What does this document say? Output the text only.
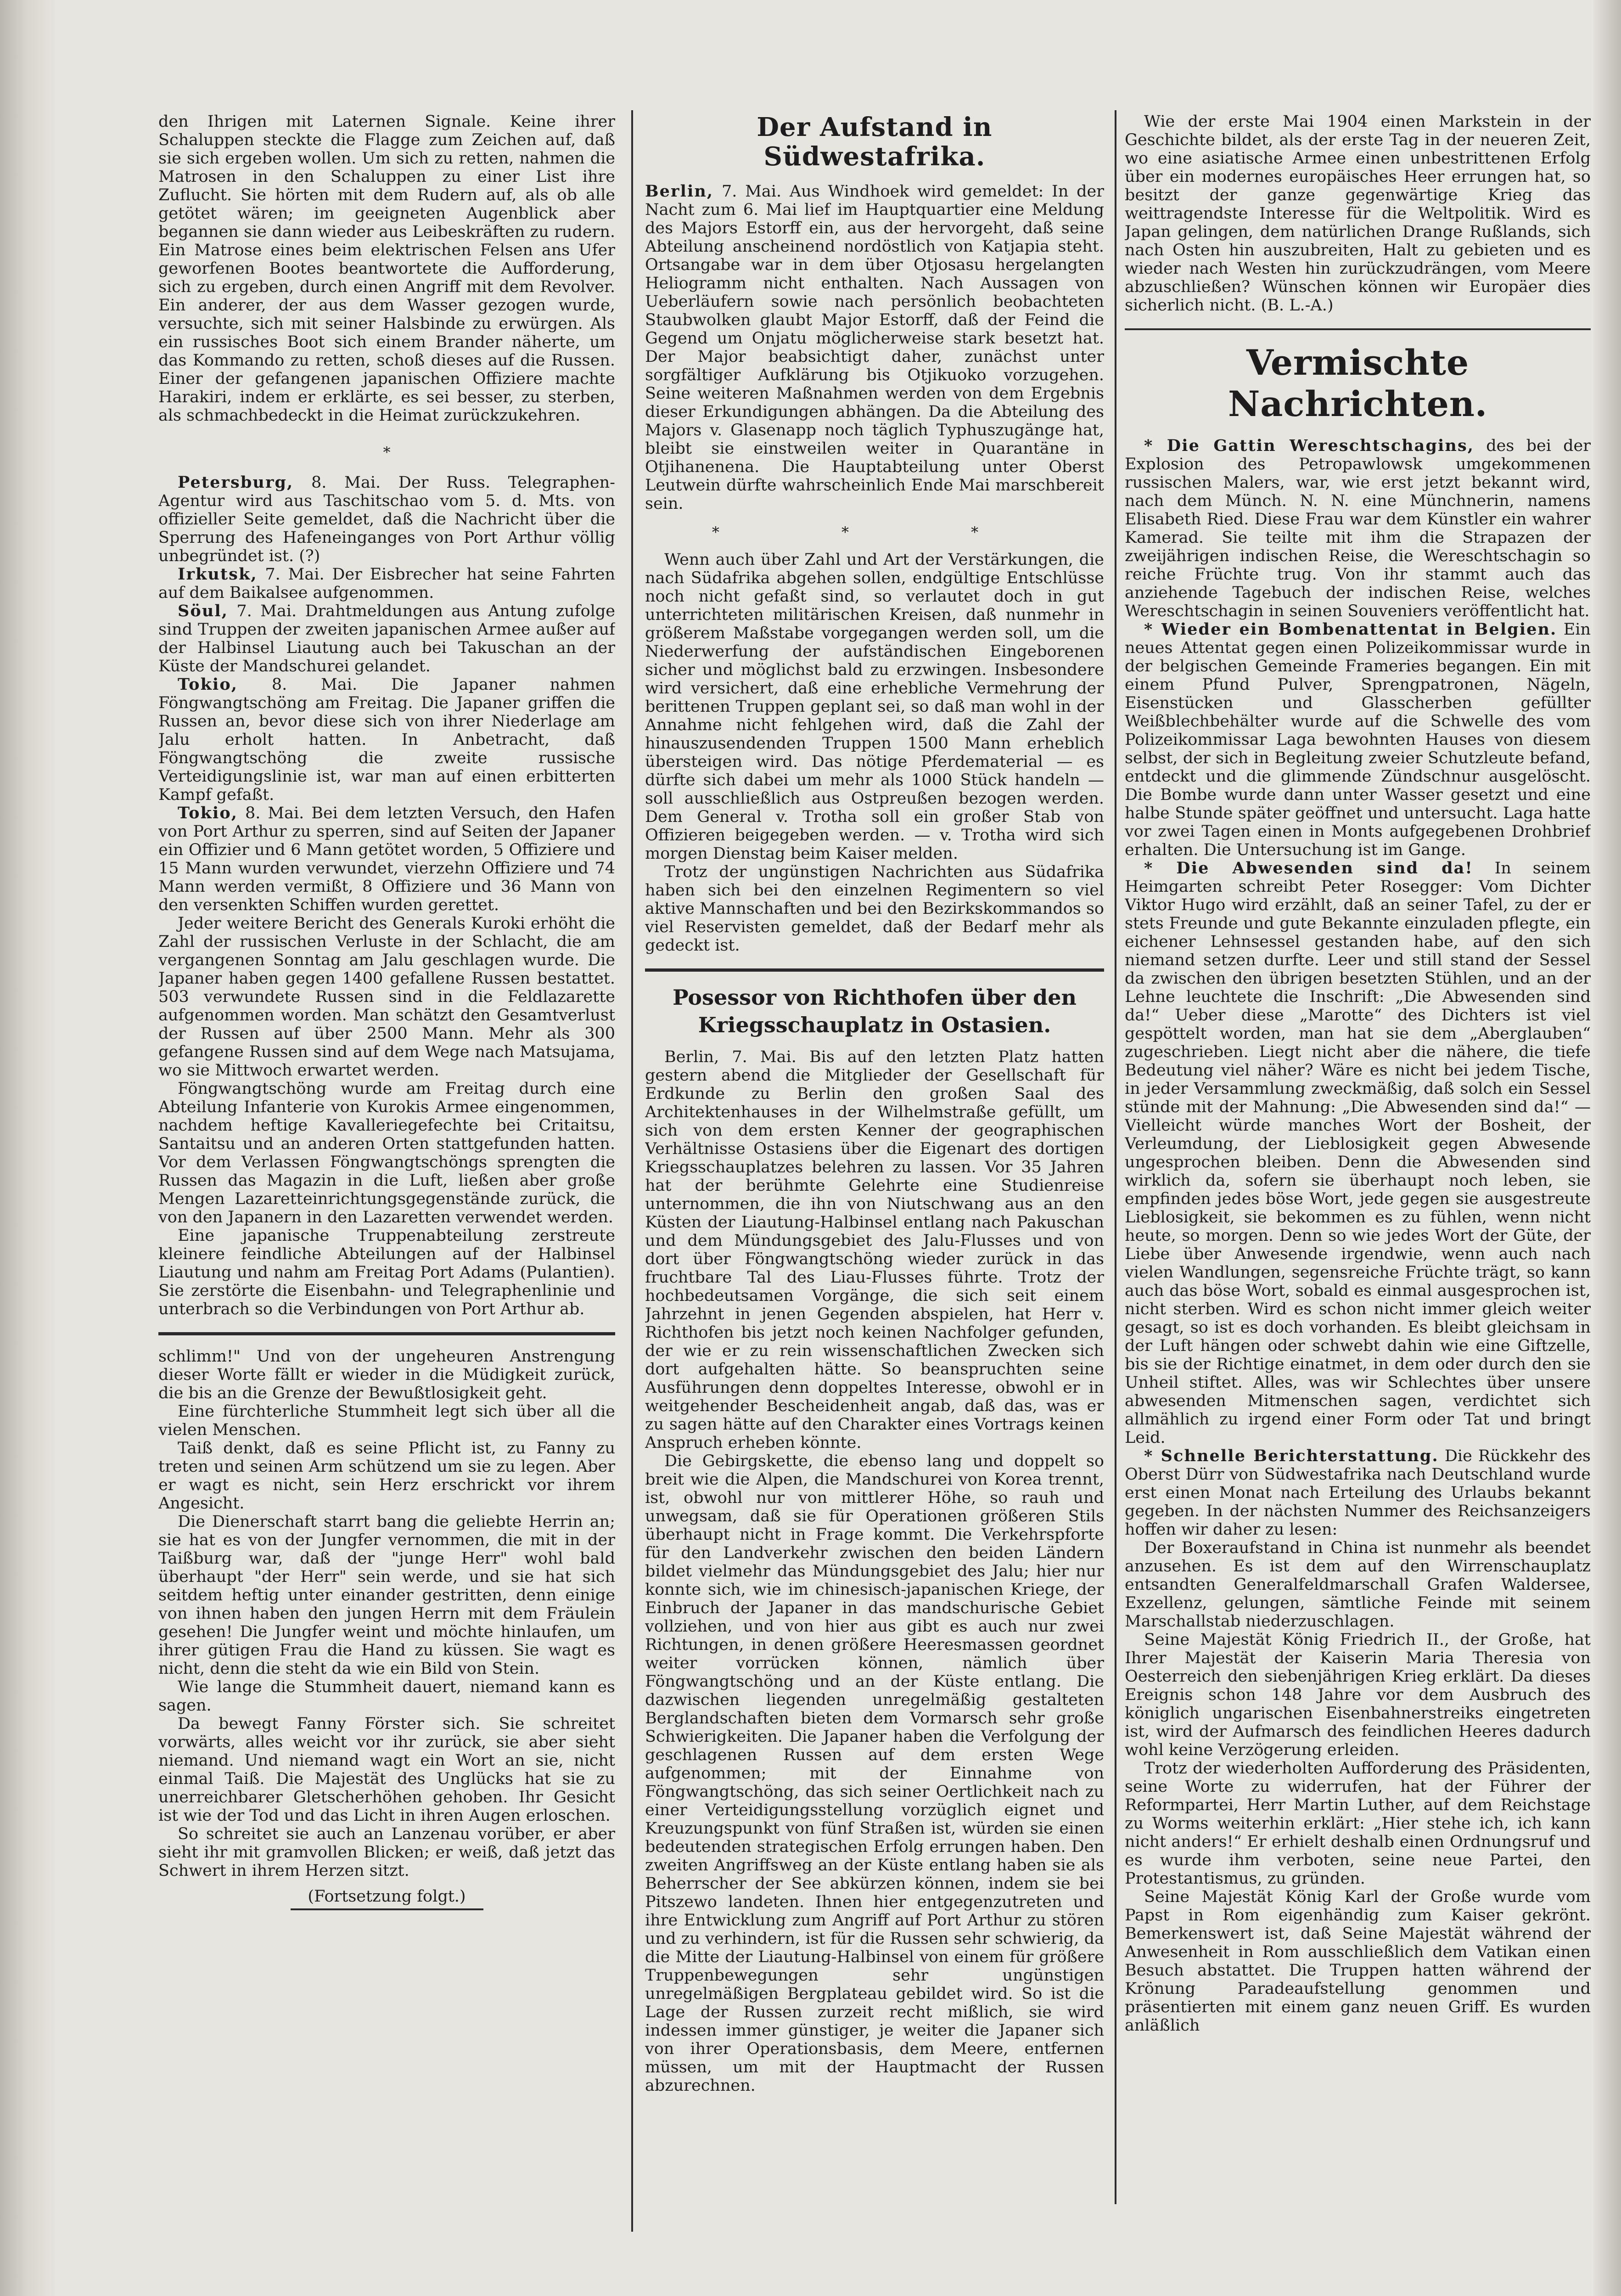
den Ihrigen mit Laternen Signale. Keine ihrer Schaluppen steckte die Flagge zum Zeichen auf, daß sie sich ergeben wollen. Um sich zu retten, nahmen die Matrosen in den Schaluppen zu einer List ihre Zuflucht. Sie hörten mit dem Rudern auf, als ob alle getötet wären; im geeigneten Augenblick aber begannen sie dann wieder aus Leibeskräften zu rudern. Ein Matrose eines beim elektrischen Felsen ans Ufer geworfenen Bootes beantwortete die Aufforderung, sich zu ergeben, durch einen Angriff mit dem Revolver. Ein anderer, der aus dem Wasser gezogen wurde, versuchte, sich mit seiner Halsbinde zu erwürgen. Als ein russisches Boot sich einem Brander näherte, um das Kommando zu retten, schoß dieses auf die Russen. Einer der gefangenen japanischen Offiziere machte Harakiri, indem er erklärte, es sei besser, zu sterben, als schmachbedeckt in die Heimat zurückzukehren.

*

Petersburg, 8. Mai. Der Russ. Telegraphen-Agentur wird aus Taschitschao vom 5. d. Mts. von offizieller Seite gemeldet, daß die Nachricht über die Sperrung des Hafeneinganges von Port Arthur völlig unbegründet ist. (?)

Irkutsk, 7. Mai. Der Eisbrecher hat seine Fahrten auf dem Baikalsee aufgenommen.

Söul, 7. Mai. Drahtmeldungen aus Antung zufolge sind Truppen der zweiten japanischen Armee außer auf der Halbinsel Liautung auch bei Takuschan an der Küste der Mandschurei gelandet.

Tokio, 8. Mai. Die Japaner nahmen Föngwangtschöng am Freitag. Die Japaner griffen die Russen an, bevor diese sich von ihrer Niederlage am Jalu erholt hatten. In Anbetracht, daß Föngwangtschöng die zweite russische Verteidigungslinie ist, war man auf einen erbitterten Kampf gefaßt.

Tokio, 8. Mai. Bei dem letzten Versuch, den Hafen von Port Arthur zu sperren, sind auf Seiten der Japaner ein Offizier und 6 Mann getötet worden, 5 Offiziere und 15 Mann wurden verwundet, vierzehn Offiziere und 74 Mann werden vermißt, 8 Offiziere und 36 Mann von den versenkten Schiffen wurden gerettet.

Jeder weitere Bericht des Generals Kuroki erhöht die Zahl der russischen Verluste in der Schlacht, die am vergangenen Sonntag am Jalu geschlagen wurde. Die Japaner haben gegen 1400 gefallene Russen bestattet. 503 verwundete Russen sind in die Feldlazarette aufgenommen worden. Man schätzt den Gesamtverlust der Russen auf über 2500 Mann. Mehr als 300 gefangene Russen sind auf dem Wege nach Matsujama, wo sie Mittwoch erwartet werden.

Föngwangtschöng wurde am Freitag durch eine Abteilung Infanterie von Kurokis Armee eingenommen, nachdem heftige Kavalleriegefechte bei Critaitsu, Santaitsu und an anderen Orten stattgefunden hatten. Vor dem Verlassen Föngwangtschöngs sprengten die Russen das Magazin in die Luft, ließen aber große Mengen Lazaretteinrichtungsgegenstände zurück, die von den Japanern in den Lazaretten verwendet werden.

Eine japanische Truppenabteilung zerstreute kleinere feindliche Abteilungen auf der Halbinsel Liautung und nahm am Freitag Port Adams (Pulantien). Sie zerstörte die Eisenbahn- und Telegraphenlinie und unterbrach so die Verbindungen von Port Arthur ab.

schlimm!" Und von der ungeheuren Anstrengung dieser Worte fällt er wieder in die Müdigkeit zurück, die bis an die Grenze der Bewußtlosigkeit geht.

Eine fürchterliche Stummheit legt sich über all die vielen Menschen.

Taiß denkt, daß es seine Pflicht ist, zu Fanny zu treten und seinen Arm schützend um sie zu legen. Aber er wagt es nicht, sein Herz erschrickt vor ihrem Angesicht.

Die Dienerschaft starrt bang die geliebte Herrin an; sie hat es von der Jungfer vernommen, die mit in der Taißburg war, daß der "junge Herr" wohl bald überhaupt "der Herr" sein werde, und sie hat sich seitdem heftig unter einander gestritten, denn einige von ihnen haben den jungen Herrn mit dem Fräulein gesehen! Die Jungfer weint und möchte hinlaufen, um ihrer gütigen Frau die Hand zu küssen. Sie wagt es nicht, denn die steht da wie ein Bild von Stein.

Wie lange die Stummheit dauert, niemand kann es sagen.

Da bewegt Fanny Förster sich. Sie schreitet vorwärts, alles weicht vor ihr zurück, sie aber sieht niemand. Und niemand wagt ein Wort an sie, nicht einmal Taiß. Die Majestät des Unglücks hat sie zu unerreichbarer Gletscherhöhen gehoben. Ihr Gesicht ist wie der Tod und das Licht in ihren Augen erloschen.

So schreitet sie auch an Lanzenau vorüber, er aber sieht ihr mit gramvollen Blicken; er weiß, daß jetzt das Schwert in ihrem Herzen sitzt.

(Fortsetzung folgt.)

Der Aufstand in Südwestafrika.

Berlin, 7. Mai. Aus Windhoek wird gemeldet: In der Nacht zum 6. Mai lief im Hauptquartier eine Meldung des Majors Estorff ein, aus der hervorgeht, daß seine Abteilung anscheinend nordöstlich von Katjapia steht. Ortsangabe war in dem über Otjosasu hergelangten Heliogramm nicht enthalten. Nach Aussagen von Ueberläufern sowie nach persönlich beobachteten Staubwolken glaubt Major Estorff, daß der Feind die Gegend um Onjatu möglicherweise stark besetzt hat. Der Major beabsichtigt daher, zunächst unter sorgfältiger Aufklärung bis Otjikuoko vorzugehen. Seine weiteren Maßnahmen werden von dem Ergebnis dieser Erkundigungen abhängen. Da die Abteilung des Majors v. Glasenapp noch täglich Typhuszugänge hat, bleibt sie einstweilen weiter in Quarantäne in Otjihanenena. Die Hauptabteilung unter Oberst Leutwein dürfte wahrscheinlich Ende Mai marschbereit sein.

* * *

Wenn auch über Zahl und Art der Verstärkungen, die nach Südafrika abgehen sollen, endgültige Entschlüsse noch nicht gefaßt sind, so verlautet doch in gut unterrichteten militärischen Kreisen, daß nunmehr in größerem Maßstabe vorgegangen werden soll, um die Niederwerfung der aufständischen Eingeborenen sicher und möglichst bald zu erzwingen. Insbesondere wird versichert, daß eine erhebliche Vermehrung der berittenen Truppen geplant sei, so daß man wohl in der Annahme nicht fehlgehen wird, daß die Zahl der hinauszusendenden Truppen 1500 Mann erheblich übersteigen wird. Das nötige Pferdematerial — es dürfte sich dabei um mehr als 1000 Stück handeln — soll ausschließlich aus Ostpreußen bezogen werden. Dem General v. Trotha soll ein großer Stab von Offizieren beigegeben werden. — v. Trotha wird sich morgen Dienstag beim Kaiser melden.

Trotz der ungünstigen Nachrichten aus Südafrika haben sich bei den einzelnen Regimentern so viel aktive Mannschaften und bei den Bezirkskommandos so viel Reservisten gemeldet, daß der Bedarf mehr als gedeckt ist.

Posessor von Richthofen über den Kriegsschauplatz in Ostasien.

Berlin, 7. Mai. Bis auf den letzten Platz hatten gestern abend die Mitglieder der Gesellschaft für Erdkunde zu Berlin den großen Saal des Architektenhauses in der Wilhelmstraße gefüllt, um sich von dem ersten Kenner der geographischen Verhältnisse Ostasiens über die Eigenart des dortigen Kriegsschauplatzes belehren zu lassen. Vor 35 Jahren hat der berühmte Gelehrte eine Studienreise unternommen, die ihn von Niutschwang aus an den Küsten der Liautung-Halbinsel entlang nach Pakuschan und dem Mündungsgebiet des Jalu-Flusses und von dort über Föngwangtschöng wieder zurück in das fruchtbare Tal des Liau-Flusses führte. Trotz der hochbedeutsamen Vorgänge, die sich seit einem Jahrzehnt in jenen Gegenden abspielen, hat Herr v. Richthofen bis jetzt noch keinen Nachfolger gefunden, der wie er zu rein wissenschaftlichen Zwecken sich dort aufgehalten hätte. So beanspruchten seine Ausführungen denn doppeltes Interesse, obwohl er in weitgehender Bescheidenheit angab, daß das, was er zu sagen hätte auf den Charakter eines Vortrags keinen Anspruch erheben könnte.

Die Gebirgskette, die ebenso lang und doppelt so breit wie die Alpen, die Mandschurei von Korea trennt, ist, obwohl nur von mittlerer Höhe, so rauh und unwegsam, daß sie für Operationen größeren Stils überhaupt nicht in Frage kommt. Die Verkehrspforte für den Landverkehr zwischen den beiden Ländern bildet vielmehr das Mündungsgebiet des Jalu; hier nur konnte sich, wie im chinesisch-japanischen Kriege, der Einbruch der Japaner in das mandschurische Gebiet vollziehen, und von hier aus gibt es auch nur zwei Richtungen, in denen größere Heeresmassen geordnet weiter vorrücken können, nämlich über Föngwangtschöng und an der Küste entlang. Die dazwischen liegenden unregelmäßig gestalteten Berglandschaften bieten dem Vormarsch sehr große Schwierigkeiten. Die Japaner haben die Verfolgung der geschlagenen Russen auf dem ersten Wege aufgenommen; mit der Einnahme von Föngwangtschöng, das sich seiner Oertlichkeit nach zu einer Verteidigungsstellung vorzüglich eignet und Kreuzungspunkt von fünf Straßen ist, würden sie einen bedeutenden strategischen Erfolg errungen haben. Den zweiten Angriffsweg an der Küste entlang haben sie als Beherrscher der See abkürzen können, indem sie bei Pitszewo landeten. Ihnen hier entgegenzutreten und ihre Entwicklung zum Angriff auf Port Arthur zu stören und zu verhindern, ist für die Russen sehr schwierig, da die Mitte der Liautung-Halbinsel von einem für größere Truppenbewegungen sehr ungünstigen unregelmäßigen Bergplateau gebildet wird. So ist die Lage der Russen zurzeit recht mißlich, sie wird indessen immer günstiger, je weiter die Japaner sich von ihrer Operationsbasis, dem Meere, entfernen müssen, um mit der Hauptmacht der Russen abzurechnen.

Wie der erste Mai 1904 einen Markstein in der Geschichte bildet, als der erste Tag in der neueren Zeit, wo eine asiatische Armee einen unbestrittenen Erfolg über ein modernes europäisches Heer errungen hat, so besitzt der ganze gegenwärtige Krieg das weittragendste Interesse für die Weltpolitik. Wird es Japan gelingen, dem natürlichen Drange Rußlands, sich nach Osten hin auszubreiten, Halt zu gebieten und es wieder nach Westen hin zurückzudrängen, vom Meere abzuschließen? Wünschen können wir Europäer dies sicherlich nicht. (B. L.-A.)

Vermischte Nachrichten.

* Die Gattin Wereschtschagins, des bei der Explosion des Petropawlowsk umgekommenen russischen Malers, war, wie erst jetzt bekannt wird, nach dem Münch. N. N. eine Münchnerin, namens Elisabeth Ried. Diese Frau war dem Künstler ein wahrer Kamerad. Sie teilte mit ihm die Strapazen der zweijährigen indischen Reise, die Wereschtschagin so reiche Früchte trug. Von ihr stammt auch das anziehende Tagebuch der indischen Reise, welches Wereschtschagin in seinen Souveniers veröffentlicht hat.

* Wieder ein Bombenattentat in Belgien. Ein neues Attentat gegen einen Polizeikommissar wurde in der belgischen Gemeinde Frameries begangen. Ein mit einem Pfund Pulver, Sprengpatronen, Nägeln, Eisenstücken und Glasscherben gefüllter Weißblechbehälter wurde auf die Schwelle des vom Polizeikommissar Laga bewohnten Hauses von diesem selbst, der sich in Begleitung zweier Schutzleute befand, entdeckt und die glimmende Zündschnur ausgelöscht. Die Bombe wurde dann unter Wasser gesetzt und eine halbe Stunde später geöffnet und untersucht. Laga hatte vor zwei Tagen einen in Monts aufgegebenen Drohbrief erhalten. Die Untersuchung ist im Gange.

* Die Abwesenden sind da! In seinem Heimgarten schreibt Peter Rosegger: Vom Dichter Viktor Hugo wird erzählt, daß an seiner Tafel, zu der er stets Freunde und gute Bekannte einzuladen pflegte, ein eichener Lehnsessel gestanden habe, auf den sich niemand setzen durfte. Leer und still stand der Sessel da zwischen den übrigen besetzten Stühlen, und an der Lehne leuchtete die Inschrift: „Die Abwesenden sind da!“ Ueber diese „Marotte“ des Dichters ist viel gespöttelt worden, man hat sie dem „Aberglauben“ zugeschrieben. Liegt nicht aber die nähere, die tiefe Bedeutung viel näher? Wäre es nicht bei jedem Tische, in jeder Versammlung zweckmäßig, daß solch ein Sessel stünde mit der Mahnung: „Die Abwesenden sind da!“ — Vielleicht würde manches Wort der Bosheit, der Verleumdung, der Lieblosigkeit gegen Abwesende ungesprochen bleiben. Denn die Abwesenden sind wirklich da, sofern sie überhaupt noch leben, sie empfinden jedes böse Wort, jede gegen sie ausgestreute Lieblosigkeit, sie bekommen es zu fühlen, wenn nicht heute, so morgen. Denn so wie jedes Wort der Güte, der Liebe über Anwesende irgendwie, wenn auch nach vielen Wandlungen, segensreiche Früchte trägt, so kann auch das böse Wort, sobald es einmal ausgesprochen ist, nicht sterben. Wird es schon nicht immer gleich weiter gesagt, so ist es doch vorhanden. Es bleibt gleichsam in der Luft hängen oder schwebt dahin wie eine Giftzelle, bis sie der Richtige einatmet, in dem oder durch den sie Unheil stiftet. Alles, was wir Schlechtes über unsere abwesenden Mitmenschen sagen, verdichtet sich allmählich zu irgend einer Form oder Tat und bringt Leid.

* Schnelle Berichterstattung. Die Rückkehr des Oberst Dürr von Südwestafrika nach Deutschland wurde erst einen Monat nach Erteilung des Urlaubs bekannt gegeben. In der nächsten Nummer des Reichsanzeigers hoffen wir daher zu lesen:

Der Boxeraufstand in China ist nunmehr als beendet anzusehen. Es ist dem auf den Wirrenschauplatz entsandten Generalfeldmarschall Grafen Waldersee, Exzellenz, gelungen, sämtliche Feinde mit seinem Marschallstab niederzuschlagen.

Seine Majestät König Friedrich II., der Große, hat Ihrer Majestät der Kaiserin Maria Theresia von Oesterreich den siebenjährigen Krieg erklärt. Da dieses Ereignis schon 148 Jahre vor dem Ausbruch des königlich ungarischen Eisenbahnerstreiks eingetreten ist, wird der Aufmarsch des feindlichen Heeres dadurch wohl keine Verzögerung erleiden.

Trotz der wiederholten Aufforderung des Präsidenten, seine Worte zu widerrufen, hat der Führer der Reformpartei, Herr Martin Luther, auf dem Reichstage zu Worms weiterhin erklärt: „Hier stehe ich, ich kann nicht anders!“ Er erhielt deshalb einen Ordnungsruf und es wurde ihm verboten, seine neue Partei, den Protestantismus, zu gründen.

Seine Majestät König Karl der Große wurde vom Papst in Rom eigenhändig zum Kaiser gekrönt. Bemerkenswert ist, daß Seine Majestät während der Anwesenheit in Rom ausschließlich dem Vatikan einen Besuch abstattet. Die Truppen hatten während der Krönung Paradeaufstellung genommen und präsentierten mit einem ganz neuen Griff. Es wurden anläßlich
